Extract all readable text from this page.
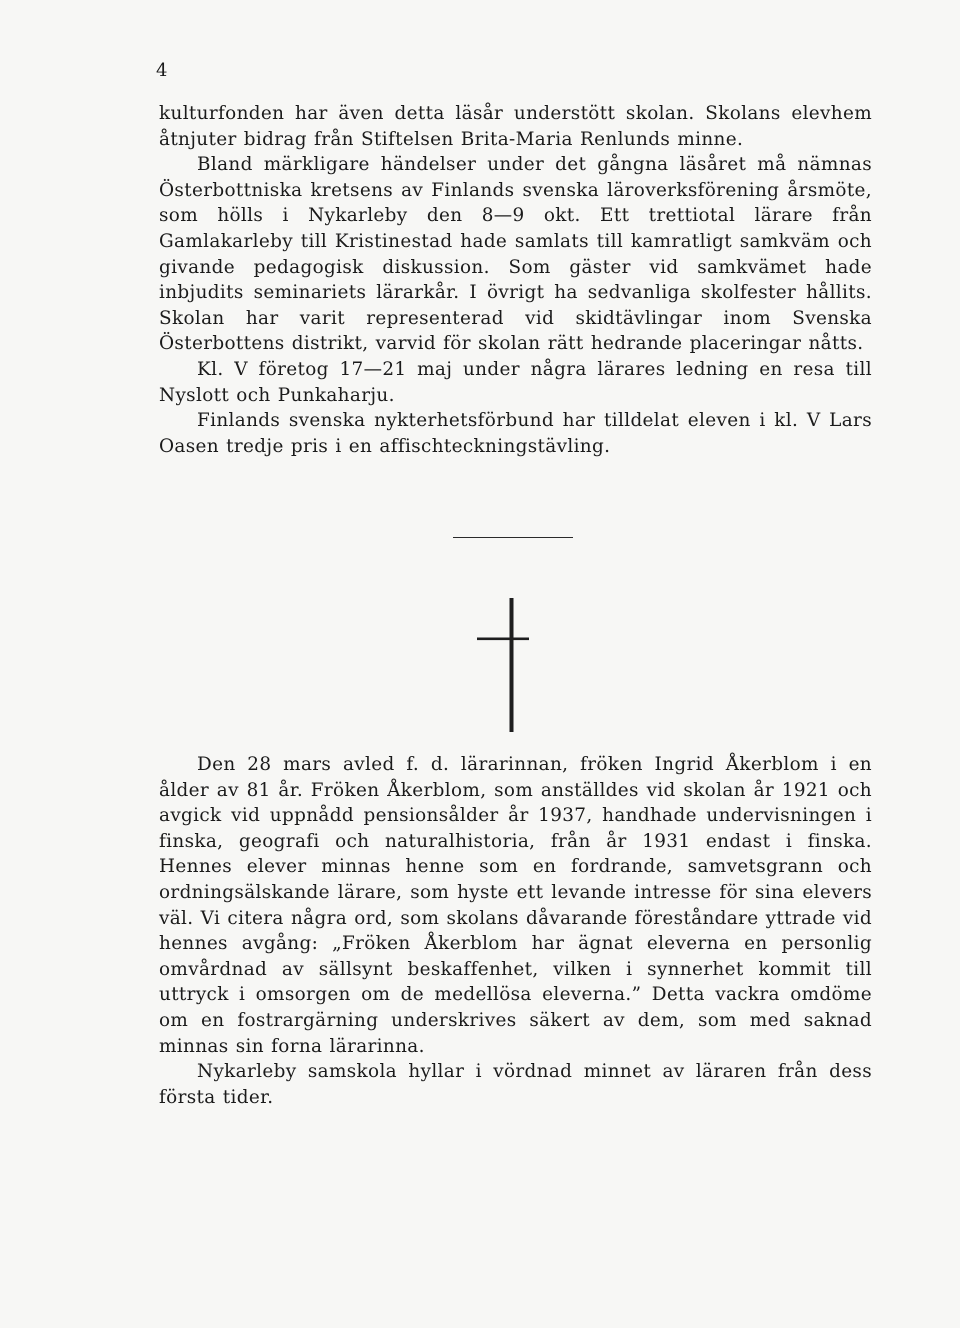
4

kulturfonden har även detta läsår understött skolan. Skolans elevhem åtnjuter bidrag från Stiftelsen Brita-Maria Renlunds minne.

Bland märkligare händelser under det gångna läsåret må nämnas Österbottniska kretsens av Finlands svenska läroverksförening årsmöte, som hölls i Nykarleby den 8—9 okt. Ett trettiotal lärare från Gamlakarleby till Kristinestad hade samlats till kamratligt samkväm och givande pedagogisk diskussion. Som gäster vid samkvämet hade inbjudits seminariets lärarkår. I övrigt ha sedvanliga skolfester hållits. Skolan har varit representerad vid skidtävlingar inom Svenska Österbottens distrikt, varvid för skolan rätt hedrande placeringar nåtts.

Kl. V företog 17—21 maj under några lärares ledning en resa till Nyslott och Punkaharju.

Finlands svenska nykterhetsförbund har tilldelat eleven i kl. V Lars Oasen tredje pris i en affischteckningstävling.

Den 28 mars avled f. d. lärarinnan, fröken Ingrid Åkerblom i en ålder av 81 år. Fröken Åkerblom, som anställdes vid skolan år 1921 och avgick vid uppnådd pensionsålder år 1937, handhade undervisningen i finska, geografi och naturalhistoria, från år 1931 endast i finska. Hennes elever minnas henne som en fordrande, samvetsgrann och ordningsälskande lärare, som hyste ett levande intresse för sina elevers väl. Vi citera några ord, som skolans dåvarande föreståndare yttrade vid hennes avgång: „Fröken Åkerblom har ägnat eleverna en personlig omvårdnad av sällsynt beskaffenhet, vilken i synnerhet kommit till uttryck i omsorgen om de medellösa eleverna.” Detta vackra omdöme om en fostrargärning underskrives säkert av dem, som med saknad minnas sin forna lärarinna.

Nykarleby samskola hyllar i vördnad minnet av läraren från dess första tider.
